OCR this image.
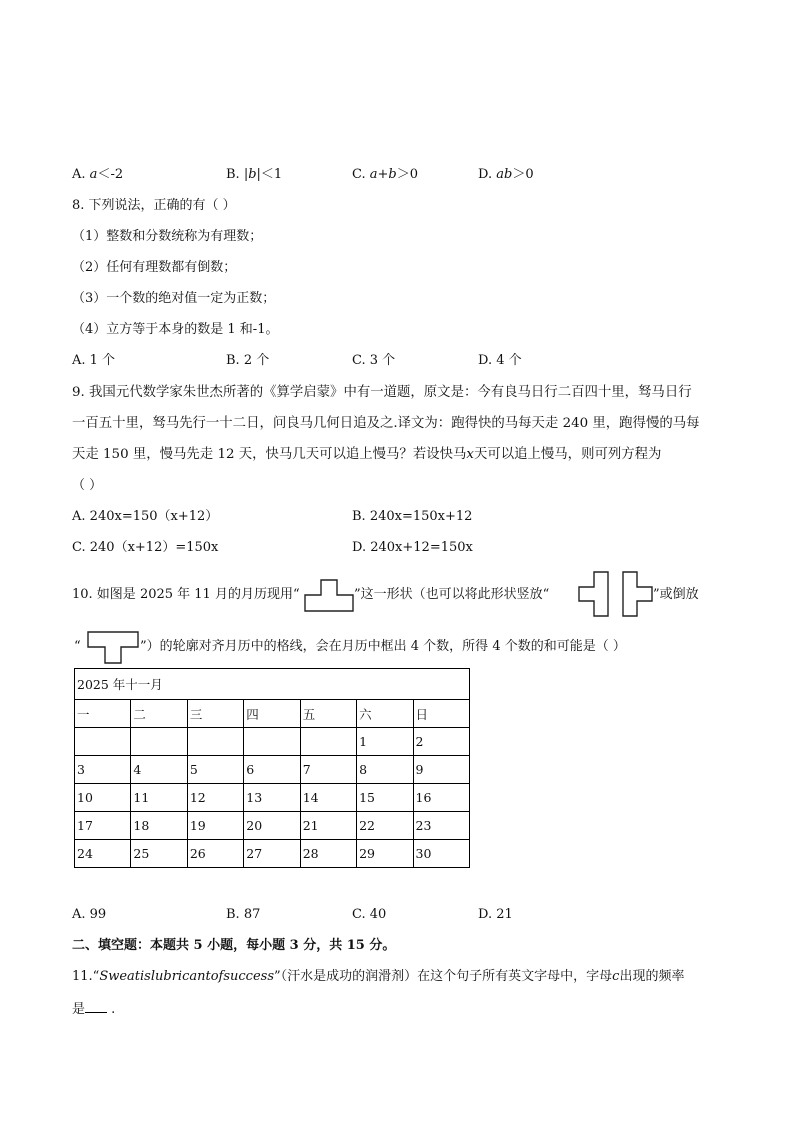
A. a＜-2	B. |b|＜1	C. a+b＞0	D. ab＞0
8. 下列说法，正确的有（ ）
（1）整数和分数统称为有理数；
（2）任何有理数都有倒数；
（3）一个数的绝对值一定为正数；
（4）立方等于本身的数是 1 和-1。
A. 1 个	B. 2 个	C. 3 个	D. 4 个
9. 我国元代数学家朱世杰所著的《算学启蒙》中有一道题，原文是：今有良马日行二百四十里，驽马日行
一百五十里，驽马先行一十二日，问良马几何日追及之.译文为：跑得快的马每天走 240 里，跑得慢的马每
天走 150 里，慢马先走 12 天，快马几天可以追上慢马？若设快马x天可以追上慢马，则可列方程为
（ ）
A. 240x=150（x+12）	B. 240x=150x+12
C. 240（x+12）=150x	D. 240x+12=150x
10. 如图是 2025 年 11 月的月历现用“	”这一形状（也可以将此形状竖放“	”或倒放
“	”）的轮廓对齐月历中的格线，会在月历中框出 4 个数，所得 4 个数的和可能是（ ）
2025 年十一月						
一	二	三	四	五	六	日
					1	2
3	4	5	6	7	8	9
10	11	12	13	14	15	16
17	18	19	20	21	22	23
24	25	26	27	28	29	30
A. 99	B. 87	C. 40	D. 21
二、填空题：本题共 5 小题，每小题 3 分，共 15 分。
11.“Sweatislubricantofsuccess”（汗水是成功的润滑剂）在这个句子所有英文字母中，字母c出现的频率
是 .
